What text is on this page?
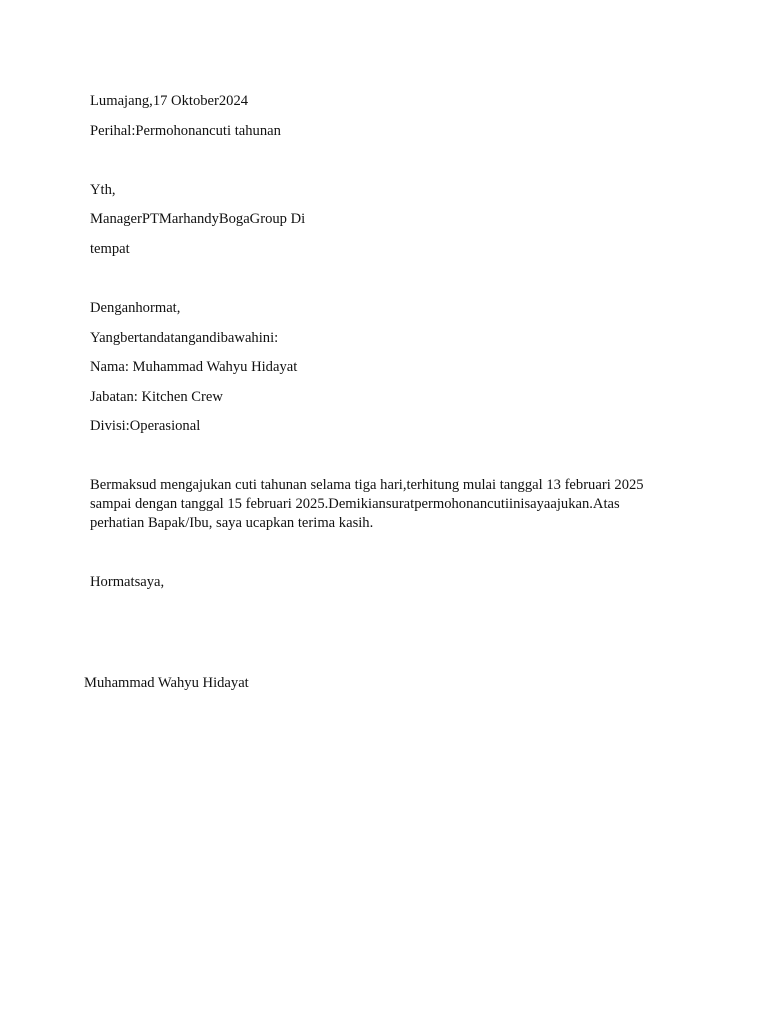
Lumajang,17 Oktober2024
Perihal:Permohonancuti tahunan
Yth,
ManagerPTMarhandyBogaGroup Di
tempat
Denganhormat,
Yangbertandatangandibawahini:
Nama: Muhammad Wahyu Hidayat
Jabatan: Kitchen Crew
Divisi:Operasional
Bermaksud mengajukan cuti tahunan selama tiga hari,terhitung mulai tanggal 13 februari 2025
sampai dengan tanggal 15 februari 2025.Demikiansuratpermohonancutiinisayaajukan.Atas
perhatian Bapak/Ibu, saya ucapkan terima kasih.
Hormatsaya,
Muhammad Wahyu Hidayat
